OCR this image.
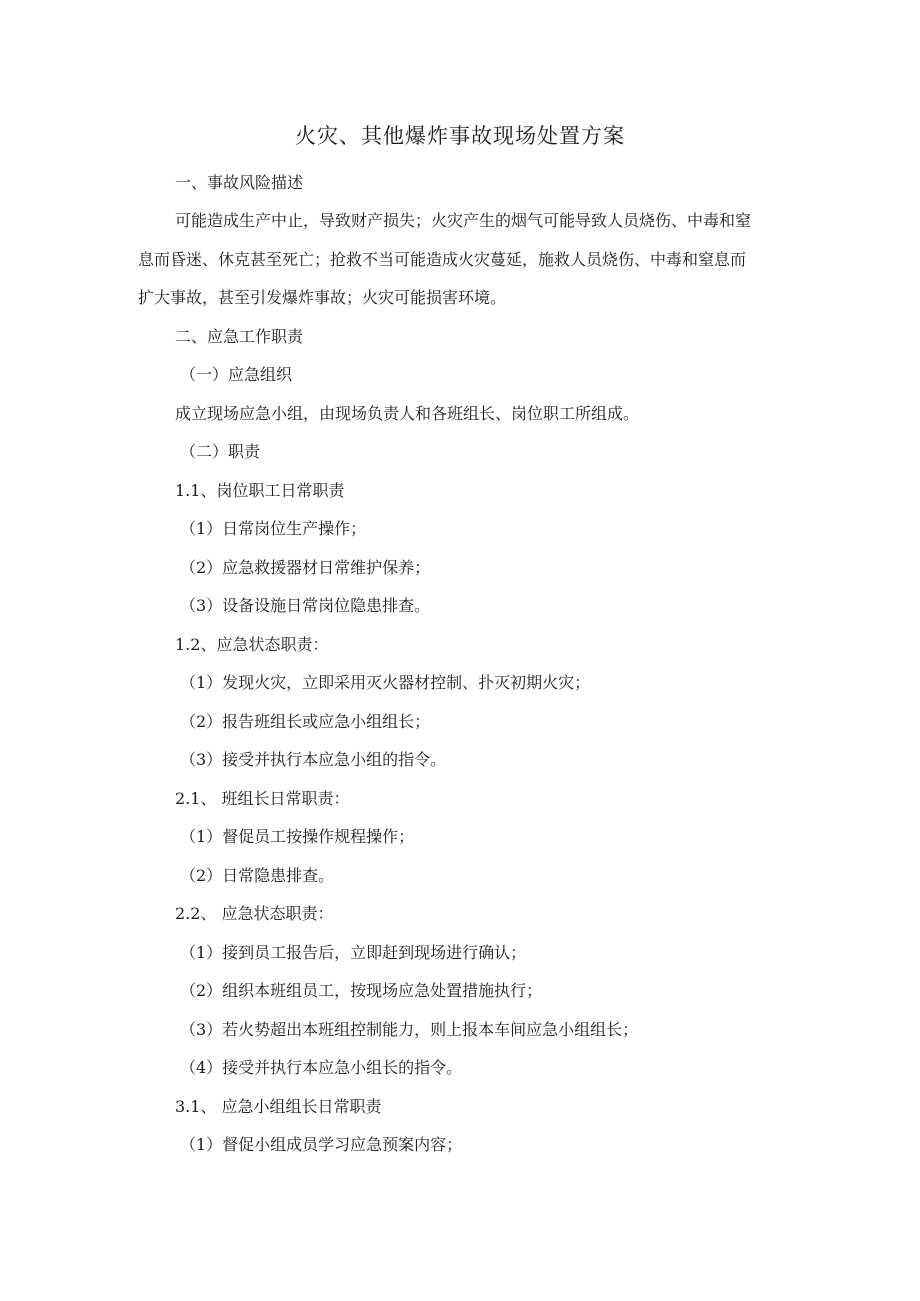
火灾、其他爆炸事故现场处置方案
一、事故风险描述
可能造成生产中止，导致财产损失；火灾产生的烟气可能导致人员烧伤、中毒和窒
息而昏迷、休克甚至死亡；抢救不当可能造成火灾蔓延，施救人员烧伤、中毒和窒息而
扩大事故，甚至引发爆炸事故；火灾可能损害环境。
二、应急工作职责
（一）应急组织
成立现场应急小组，由现场负责人和各班组长、岗位职工所组成。
（二）职责
1.1、岗位职工日常职责
（1）日常岗位生产操作；
（2）应急救援器材日常维护保养；
（3）设备设施日常岗位隐患排查。
1.2、应急状态职责：
（1）发现火灾，立即采用灭火器材控制、扑灭初期火灾；
（2）报告班组长或应急小组组长；
（3）接受并执行本应急小组的指令。
2.1、 班组长日常职责：
（1）督促员工按操作规程操作；
（2）日常隐患排查。
2.2、 应急状态职责：
（1）接到员工报告后，立即赶到现场进行确认；
（2）组织本班组员工，按现场应急处置措施执行；
（3）若火势超出本班组控制能力，则上报本车间应急小组组长；
（4）接受并执行本应急小组长的指令。
3.1、 应急小组组长日常职责
（1）督促小组成员学习应急预案内容；
